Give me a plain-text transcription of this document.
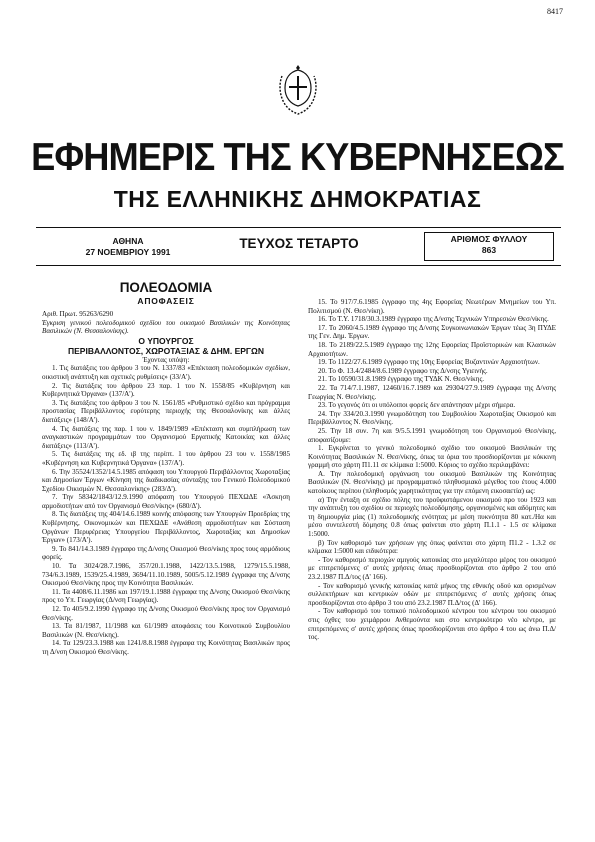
8417
ΕΦΗΜΕΡΙΣ ΤΗΣ ΚΥΒΕΡΝΗΣΕΩΣ
ΤΗΣ ΕΛΛΗΝΙΚΗΣ ΔΗΜΟΚΡΑΤΙΑΣ
ΑΘΗΝΑ
27 ΝΟΕΜΒΡΙΟΥ 1991
ΤΕΥΧΟΣ ΤΕΤΑΡΤΟ	ΑΡΙΘΜΟΣ ΦΥΛΛΟΥ
863
ΠΟΛΕΟΔΟΜΙΑ
ΑΠΟΦΑΣΕΙΣ

Αριθ. Πρωτ. 95263/6290

Έγκριση γενικού πολεοδομικού σχεδίου του οικισμού Βασιλικών της Κοινότητας Βασιλικών (Ν. Θεσσαλονίκης).

Ο ΥΠΟΥΡΓΟΣ
ΠΕΡΙΒΑΛΛΟΝΤΟΣ, ΧΩΡΟΤΑΞΙΑΣ & ΔΗΜ. ΕΡΓΩΝ

Έχοντας υπόψη:

1. Τις διατάξεις του άρθρου 3 του Ν. 1337/83 «Επέκταση πολεοδομικών σχεδίων, οικιστική ανάπτυξη και σχετικές ρυθμίσεις» (33/Α').

2. Τις διατάξεις του άρθρου 23 παρ. 1 του Ν. 1558/85 «Κυβέρνηση και Κυβερνητικά Όργανα» (137/Α').

3. Τις διατάξεις του άρθρου 3 του Ν. 1561/85 «Ρυθμιστικό σχέδιο και πρόγραμμα προστασίας Περιβάλλοντος ευρύτερης περιοχής της Θεσσαλονίκης και άλλες διατάξεις» (148/Α').

4. Τις διατάξεις της παρ. 1 του ν. 1849/1989 «Επέκταση και συμπλήρωση των αναγκαστικών προγραμμάτων του Οργανισμού Εργατικής Κατοικίας και άλλες διατάξεις» (113/Α').

5. Τις διατάξεις της εδ. ιβ της περίπτ. 1 του άρθρου 23 του ν. 1558/1985 «Κυβέρνηση και Κυβερνητικά Όργανα» (137/Α').

6. Την 35524/1352/14.5.1985 απόφαση του Υπουργού Περιβάλλοντος Χωροταξίας και Δημοσίων Έργων «Κίνηση της διαδικασίας σύνταξης του Γενικού Πολεοδομικού Σχεδίου Οικισμών Ν. Θεσσαλονίκης» (283/Δ').

7. Την 58342/1843/12.9.1990 απόφαση του Υπουργού ΠΕΧΩΔΕ «Άσκηση αρμοδιοτήτων από τον Οργανισμό Θεσ/νίκης» (680/Δ').

8. Τις διατάξεις της 404/14.6.1989 κοινής απόφασης των Υπουργών Προεδρίας της Κυβέρνησης, Οικονομικών και ΠΕΧΩΔΕ «Ανάθεση αρμοδιοτήτων και Σύσταση Οργάνων Περιφέρειας Υπουργείου Περιβάλλοντος, Χωροταξίας και Δημοσίων Έργων» (173/Α').

9. Το 841/14.3.1989 έγγραφο της Δ/νσης Οικισμού Θεσ/νίκης προς τους αρμόδιους φορείς.

10. Τα 3024/28.7.1986, 357/20.1.1988, 1422/13.5.1988, 1279/15.5.1988, 734/6.3.1989, 1539/25.4.1989, 3694/11.10.1989, 5005/5.12.1989 έγγραφα της Δ/νσης Οικισμού Θεσ/νίκης προς την Κοινότητα Βασιλικών.

11. Τα 4408/6.11.1986 και 197/19.1.1988 έγγραφα της Δ/νσης Οικισμού Θεσ/νίκης προς το Υπ. Γεωργίας (Δ/νση Γεωργίας).

12. Το 405/9.2.1990 έγγραφο της Δ/νσης Οικισμού Θεσ/νίκης προς τον Οργανισμό Θεσ/νίκης.

13. Τα 81/1987, 11/1988 και 61/1989 αποφάσεις του Κοινοτικού Συμβουλίου Βασιλικών (Ν. Θεσ/νίκης).

14. Τα 129/23.3.1988 και 1241/8.8.1988 έγγραφα της Κοινότητας Βασιλικών προς τη Δ/νση Οικισμού Θεσ/νίκης.

15. Το 917/7.6.1985 έγγραφο της 4ης Εφορείας Νεωτέρων Μνημείων του Υπ. Πολιτισμού (Ν. Θεσ/νίκη).

16. Το Τ.Υ. 1718/30.3.1989 έγγραφο της Δ/νσης Τεχνικών Υπηρεσιών Θεσ/νίκης.

17. Το 2060/4.5.1989 έγγραφο της Δ/νσης Συγκοινωνιακών Έργων τέως 3η ΠΥΔΕ της Γεν. Δημ. Έργων.

18. Το 2189/22.5.1989 έγγραφο της 12ης Εφορείας Προϊστορικών και Κλασικών Αρχαιοτήτων.

19. Το 1122/27.6.1989 έγγραφο της 10ης Εφορείας Βυζαντινών Αρχαιοτήτων.

20. Το Φ. 13.4/2484/8.6.1989 έγγραφο της Δ/νσης Υγιεινής.

21. Το 10590/31.8.1989 έγγραφο της ΤΥΔΚ Ν. Θεσ/νίκης.

22. Τα 714/7.1.1987, 12460/16.7.1989 και 29304/27.9.1989 έγγραφα της Δ/νσης Γεωργίας Ν. Θεσ/νίκης.

23. Το γεγονός ότι οι υπόλοιποι φορείς δεν απάντησαν μέχρι σήμερα.

24. Την 334/20.3.1990 γνωμοδότηση του Συμβουλίου Χωροταξίας Οικισμού και Περιβάλλοντος Ν. Θεσ/νίκης.

25. Την 18 συν. 7η και 9/5.5.1991 γνωμοδότηση του Οργανισμού Θεσ/νίκης, αποφασίζουμε:

1. Εγκρίνεται το γενικό πολεοδομικό σχέδιο του οικισμού Βασιλικών της Κοινότητας Βασιλικών Ν. Θεσ/νίκης, όπως τα όρια του προσδιορίζονται με κόκκινη γραμμή στο χάρτη Π1.11 σε κλίμακα 1:5000. Κύριος το σχέδιο περιλαμβάνει:

Α. Την πολεοδομική οργάνωση του οικισμού Βασιλικών της Κοινότητας Βασιλικών (Ν. Θεσ/νίκης) με προγραμματικό πληθυσμιακό μέγεθος του έτους 4.000 κατοίκους περίπου (πληθυσμός χωρητικότητας για την επόμενη εικοσαετία) ως:

α) Την ένταξη σε σχέδιο πόλης του προϋφιστάμενου οικισμού προ του 1923 και την ανάπτυξη του σχεδίου σε περιοχές πολεοδόμησης, οργανισμένες και αδόμητες και τη δημιουργία μίας (1) πολεοδομικής ενότητας με μέση πυκνότητα 80 κατ./Ηα και μέσο συντελεστή δόμησης 0.8 όπως φαίνεται στο χάρτη Π.1.1 - 1.5 σε κλίμακα 1:5000.

β) Τον καθορισμό των χρήσεων γης όπως φαίνεται στο χάρτη Π1.2 - 1.3.2 σε κλίμακα 1:5000 και ειδικότερα:

- Τον καθορισμό περιοχών αμιγούς κατοικίας στο μεγαλύτερο μέρος του οικισμού με επιτρεπόμενες σ' αυτές χρήσεις όπως προσδιορίζονται στο άρθρο 2 του από 23.2.1987 Π.Δ/τος (Δ' 166).

- Τον καθορισμό γενικής κατοικίας κατά μήκος της εθνικής οδού και ορισμένων συλλεκτήριων και κεντρικών οδών με επιτρεπόμενες σ' αυτές χρήσεις όπως προσδιορίζονται στο άρθρο 3 του από 23.2.1987 Π.Δ/τος (Δ' 166).

- Τον καθορισμό του τοπικού πολεοδομικού κέντρου του κέντρου του οικισμού στις όχθες του χειμάρρου Ανθεμούντα και στο κεντρικότερο νέο κέντρο, με επιτρεπόμενες σ' αυτές χρήσεις όπως προσδιορίζονται στο άρθρο 4 του ως άνω Π.Δ/τος.
